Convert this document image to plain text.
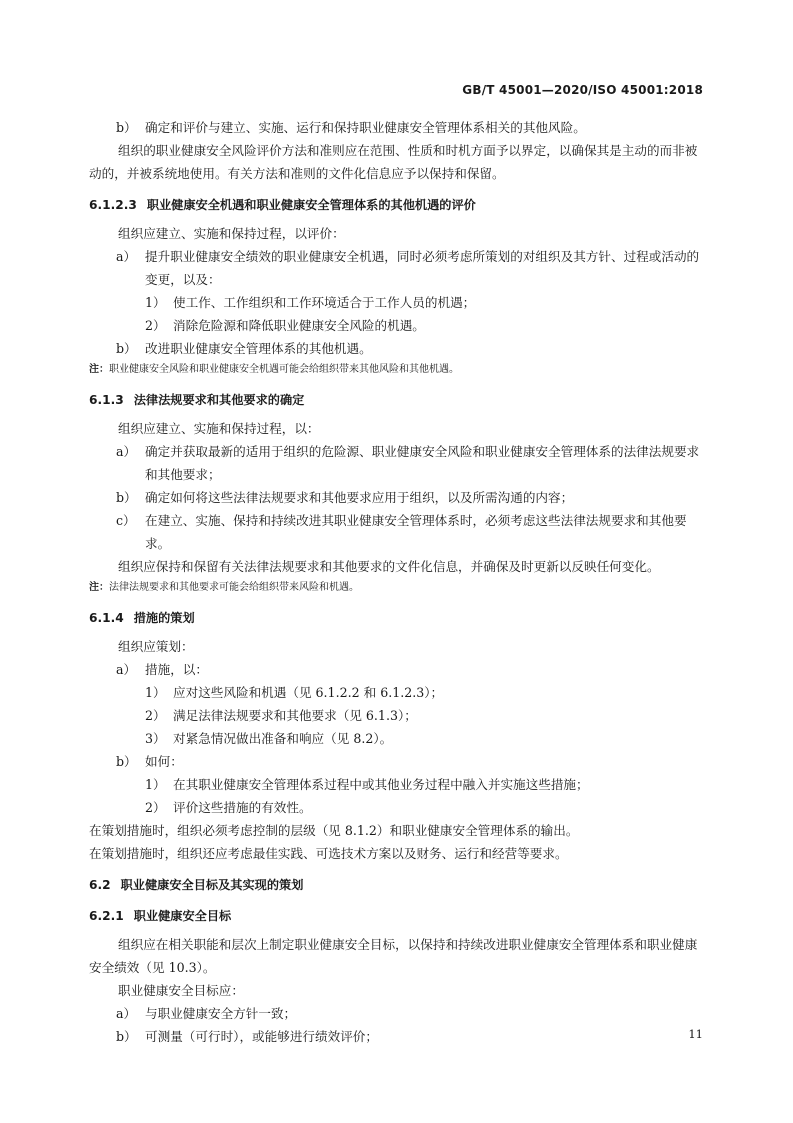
GB/T 45001—2020/ISO 45001:2018
b） 确定和评价与建立、实施、运行和保持职业健康安全管理体系相关的其他风险。
组织的职业健康安全风险评价方法和准则应在范围、性质和时机方面予以界定，以确保其是主动的而非被动的，并被系统地使用。有关方法和准则的文件化信息应予以保持和保留。
6.1.2.3 职业健康安全机遇和职业健康安全管理体系的其他机遇的评价
组织应建立、实施和保持过程，以评价：
a） 提升职业健康安全绩效的职业健康安全机遇，同时必须考虑所策划的对组织及其方针、过程或活动的变更，以及：
1） 使工作、工作组织和工作环境适合于工作人员的机遇；
2） 消除危险源和降低职业健康安全风险的机遇。
b） 改进职业健康安全管理体系的其他机遇。
注：职业健康安全风险和职业健康安全机遇可能会给组织带来其他风险和其他机遇。
6.1.3 法律法规要求和其他要求的确定
组织应建立、实施和保持过程，以：
a） 确定并获取最新的适用于组织的危险源、职业健康安全风险和职业健康安全管理体系的法律法规要求和其他要求；
b） 确定如何将这些法律法规要求和其他要求应用于组织，以及所需沟通的内容；
c） 在建立、实施、保持和持续改进其职业健康安全管理体系时，必须考虑这些法律法规要求和其他要求。
组织应保持和保留有关法律法规要求和其他要求的文件化信息，并确保及时更新以反映任何变化。
注：法律法规要求和其他要求可能会给组织带来风险和机遇。
6.1.4 措施的策划
组织应策划：
a） 措施，以：
1） 应对这些风险和机遇（见 6.1.2.2 和 6.1.2.3）；
2） 满足法律法规要求和其他要求（见 6.1.3）；
3） 对紧急情况做出准备和响应（见 8.2）。
b） 如何：
1） 在其职业健康安全管理体系过程中或其他业务过程中融入并实施这些措施；
2） 评价这些措施的有效性。
在策划措施时，组织必须考虑控制的层级（见 8.1.2）和职业健康安全管理体系的输出。
在策划措施时，组织还应考虑最佳实践、可选技术方案以及财务、运行和经营等要求。
6.2 职业健康安全目标及其实现的策划
6.2.1 职业健康安全目标
组织应在相关职能和层次上制定职业健康安全目标，以保持和持续改进职业健康安全管理体系和职业健康安全绩效（见 10.3）。
职业健康安全目标应：
a） 与职业健康安全方针一致；
b） 可测量（可行时），或能够进行绩效评价；	11
